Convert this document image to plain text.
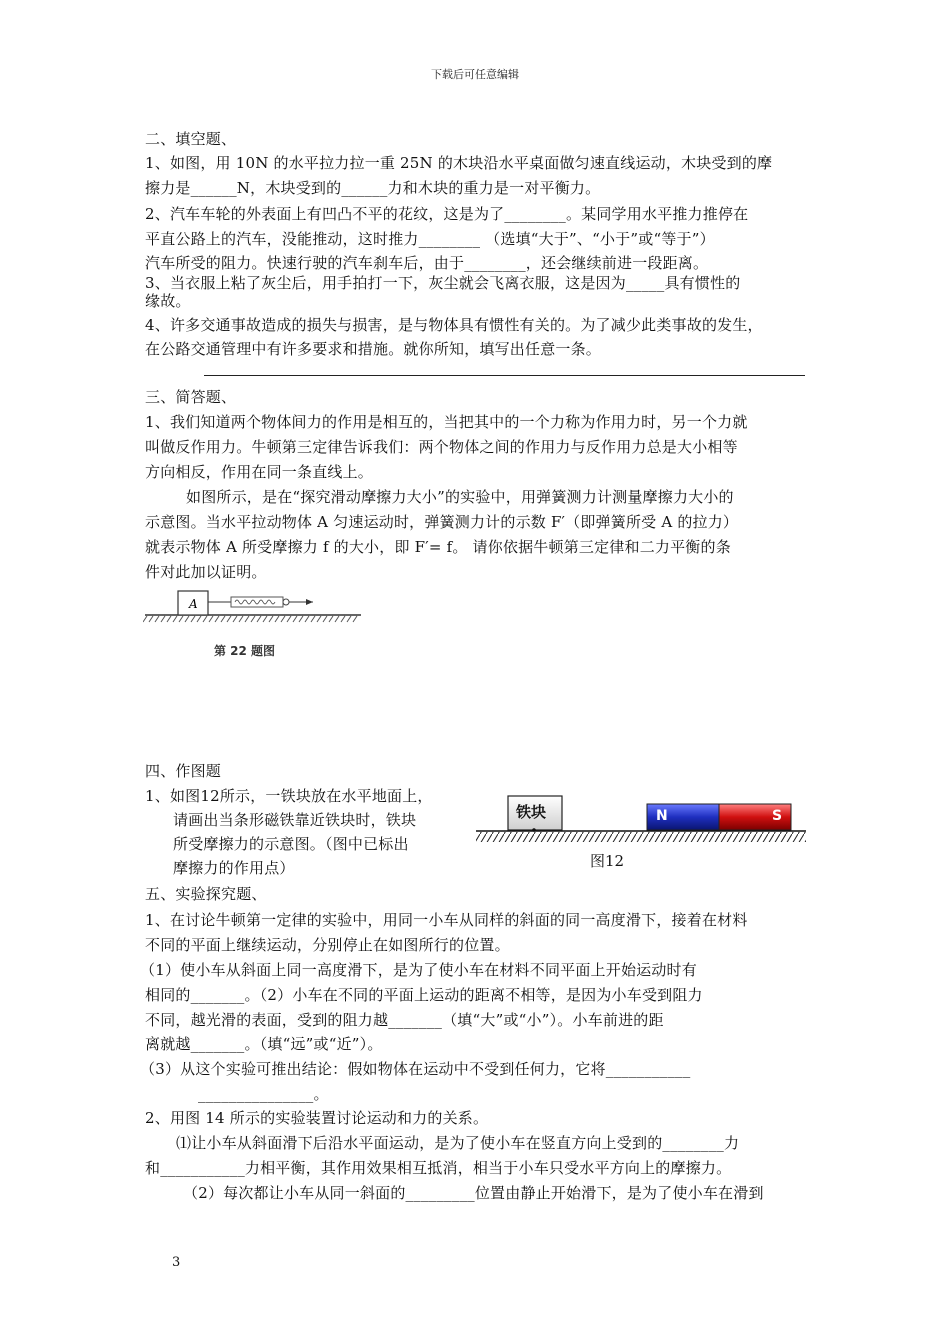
下载后可任意编辑
二、填空题、
1、如图，用 10N 的水平拉力拉一重 25N 的木块沿水平桌面做匀速直线运动，木块受到的摩
擦力是______N，木块受到的______力和木块的重力是一对平衡力。
2、汽车车轮的外表面上有凹凸不平的花纹，这是为了________。某同学用水平推力推停在
平直公路上的汽车，没能推动，这时推力________ （选填“大于”、“小于”或“等于”）
汽车所受的阻力。快速行驶的汽车刹车后，由于________，还会继续前进一段距离。
3、当衣服上粘了灰尘后，用手拍打一下，灰尘就会飞离衣服，这是因为_____具有惯性的
缘故。
4、许多交通事故造成的损失与损害，是与物体具有惯性有关的。为了减少此类事故的发生，
在公路交通管理中有许多要求和措施。就你所知，填写出任意一条。
三、简答题、
1、我们知道两个物体间力的作用是相互的，当把其中的一个力称为作用力时，另一个力就
叫做反作用力。牛顿第三定律告诉我们：两个物体之间的作用力与反作用力总是大小相等
方向相反，作用在同一条直线上。
如图所示，是在“探究滑动摩擦力大小”的实验中，用弹簧测力计测量摩擦力大小的
示意图。当水平拉动物体 A 匀速运动时，弹簧测力计的示数 F′（即弹簧所受 A 的拉力）
就表示物体 A 所受摩擦力 f 的大小，即 F′= f。 请你依据牛顿第三定律和二力平衡的条
件对此加以证明。
A
第 22 题图
四、作图题
1、如图12所示，一铁块放在水平地面上，
请画出当条形磁铁靠近铁块时，铁块
所受摩擦力的示意图。（图中已标出
摩擦力的作用点）
铁块	N	S
图12
五、实验探究题、
1、在讨论牛顿第一定律的实验中，用同一小车从同样的斜面的同一高度滑下，接着在材料
不同的平面上继续运动，分别停止在如图所行的位置。
（1）使小车从斜面上同一高度滑下，是为了使小车在材料不同平面上开始运动时有
相同的_______。（2）小车在不同的平面上运动的距离不相等，是因为小车受到阻力
不同，越光滑的表面，受到的阻力越_______（填“大”或“小”）。小车前进的距
离就越_______。（填“远”或“近”）。
（3）从这个实验可推出结论：假如物体在运动中不受到任何力，它将___________
_______________。
2、用图 14 所示的实验装置讨论运动和力的关系。
⑴让小车从斜面滑下后沿水平面运动，是为了使小车在竖直方向上受到的________力
和___________力相平衡，其作用效果相互抵消，相当于小车只受水平方向上的摩擦力。
（2）每次都让小车从同一斜面的_________位置由静止开始滑下，是为了使小车在滑到
3
